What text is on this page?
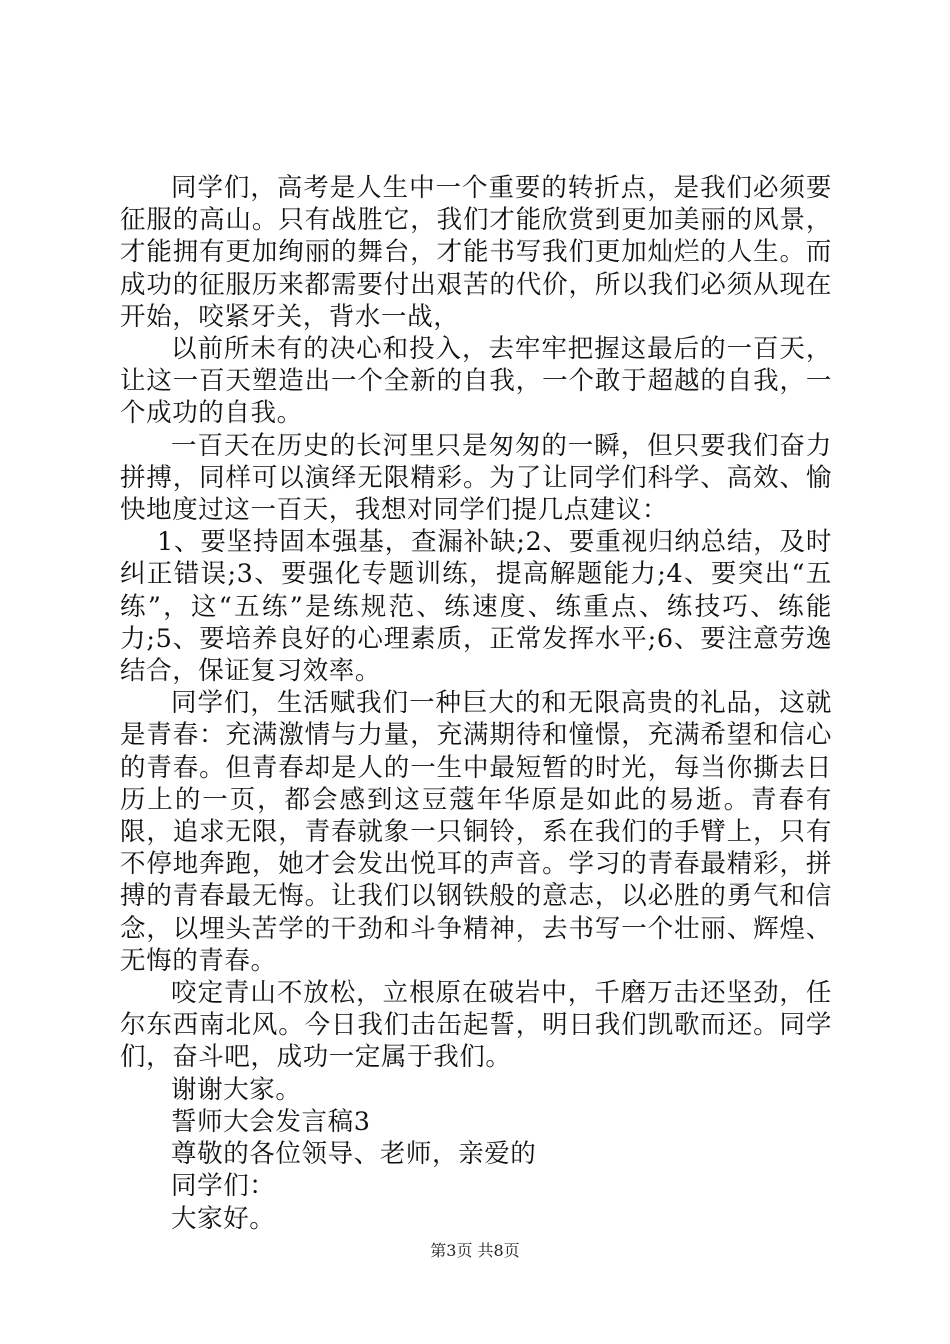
同学们，高考是人生中一个重要的转折点，是我们必须要征服的高山。只有战胜它，我们才能欣赏到更加美丽的风景，才能拥有更加绚丽的舞台，才能书写我们更加灿烂的人生。而成功的征服历来都需要付出艰苦的代价，所以我们必须从现在开始，咬紧牙关，背水一战，

以前所未有的决心和投入，去牢牢把握这最后的一百天，让这一百天塑造出一个全新的自我，一个敢于超越的自我，一个成功的自我。

一百天在历史的长河里只是匆匆的一瞬，但只要我们奋力拼搏，同样可以演绎无限精彩。为了让同学们科学、高效、愉快地度过这一百天，我想对同学们提几点建议：

1、要坚持固本强基，查漏补缺;2、要重视归纳总结，及时纠正错误;3、要强化专题训练，提高解题能力;4、要突出“五练”，这“五练”是练规范、练速度、练重点、练技巧、练能力;5、要培养良好的心理素质，正常发挥水平;6、要注意劳逸结合，保证复习效率。

同学们，生活赋我们一种巨大的和无限高贵的礼品，这就是青春：充满激情与力量，充满期待和憧憬，充满希望和信心的青春。但青春却是人的一生中最短暂的时光，每当你撕去日历上的一页，都会感到这豆蔻年华原是如此的易逝。青春有限，追求无限，青春就象一只铜铃，系在我们的手臂上，只有不停地奔跑，她才会发出悦耳的声音。学习的青春最精彩，拼搏的青春最无悔。让我们以钢铁般的意志，以必胜的勇气和信念，以埋头苦学的干劲和斗争精神，去书写一个壮丽、辉煌、无悔的青春。

咬定青山不放松，立根原在破岩中，千磨万击还坚劲，任尔东西南北风。今日我们击缶起誓，明日我们凯歌而还。同学们，奋斗吧，成功一定属于我们。

谢谢大家。

誓师大会发言稿3

尊敬的各位领导、老师，亲爱的

同学们：

大家好。

第3页 共8页
